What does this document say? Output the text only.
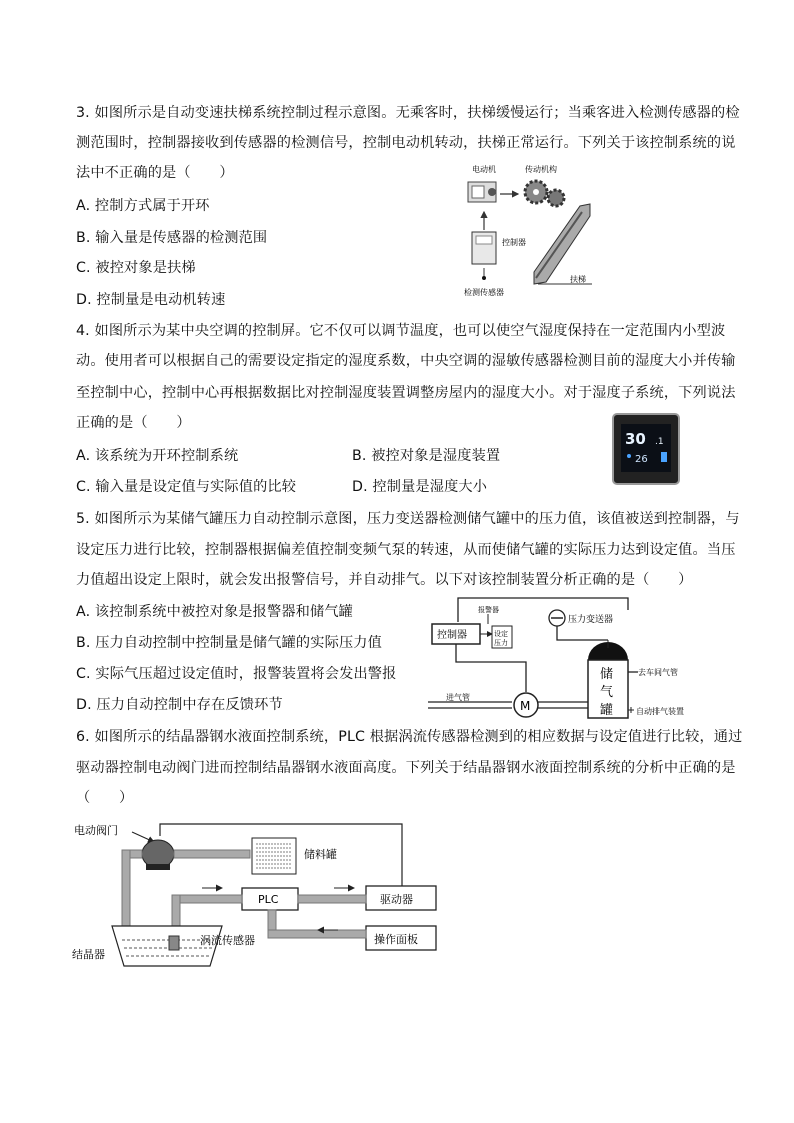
3. 如图所示是自动变速扶梯系统控制过程示意图。无乘客时，扶梯缓慢运行；当乘客进入检测传感器的检
测范围时，控制器接收到传感器的检测信号，控制电动机转动，扶梯正常运行。下列关于该控制系统的说
法中不正确的是（　　）
A. 控制方式属于开环
B. 输入量是传感器的检测范围
C. 被控对象是扶梯
D. 控制量是电动机转速
电动机	传动机构
控制器
检测传感器
扶梯
4. 如图所示为某中央空调的控制屏。它不仅可以调节温度，也可以使空气湿度保持在一定范围内小型波
动。使用者可以根据自己的需要设定指定的湿度系数，中央空调的湿敏传感器检测目前的湿度大小并传输
至控制中心，控制中心再根据数据比对控制湿度装置调整房屋内的湿度大小。对于湿度子系统，下列说法
正确的是（　　）
A. 该系统为开环控制系统	B. 被控对象是湿度装置
C. 输入量是设定值与实际值的比较	D. 控制量是湿度大小
30 .1
26
5. 如图所示为某储气罐压力自动控制示意图，压力变送器检测储气罐中的压力值，该值被送到控制器，与
设定压力进行比较，控制器根据偏差值控制变频气泵的转速，从而使储气罐的实际压力达到设定值。当压
力值超出设定上限时，就会发出报警信号，并自动排气。以下对该控制装置分析正确的是（　　）
A. 该控制系统中被控对象是报警器和储气罐
B. 压力自动控制中控制量是储气罐的实际压力值
C. 实际气压超过设定值时，报警装置将会发出警报
D. 压力自动控制中存在反馈环节
压力变送器
控制器
报警器
设定
压力
进气管
M
储
气
罐
去车间气管
自动排气装置
6. 如图所示的结晶器钢水液面控制系统，PLC 根据涡流传感器检测到的相应数据与设定值进行比较，通过
驱动器控制电动阀门进而控制结晶器钢水液面高度。下列关于结晶器钢水液面控制系统的分析中正确的是
（　　）
电动阀门
储料罐
PLC	驱动器
操作面板
涡流传感器
结晶器
